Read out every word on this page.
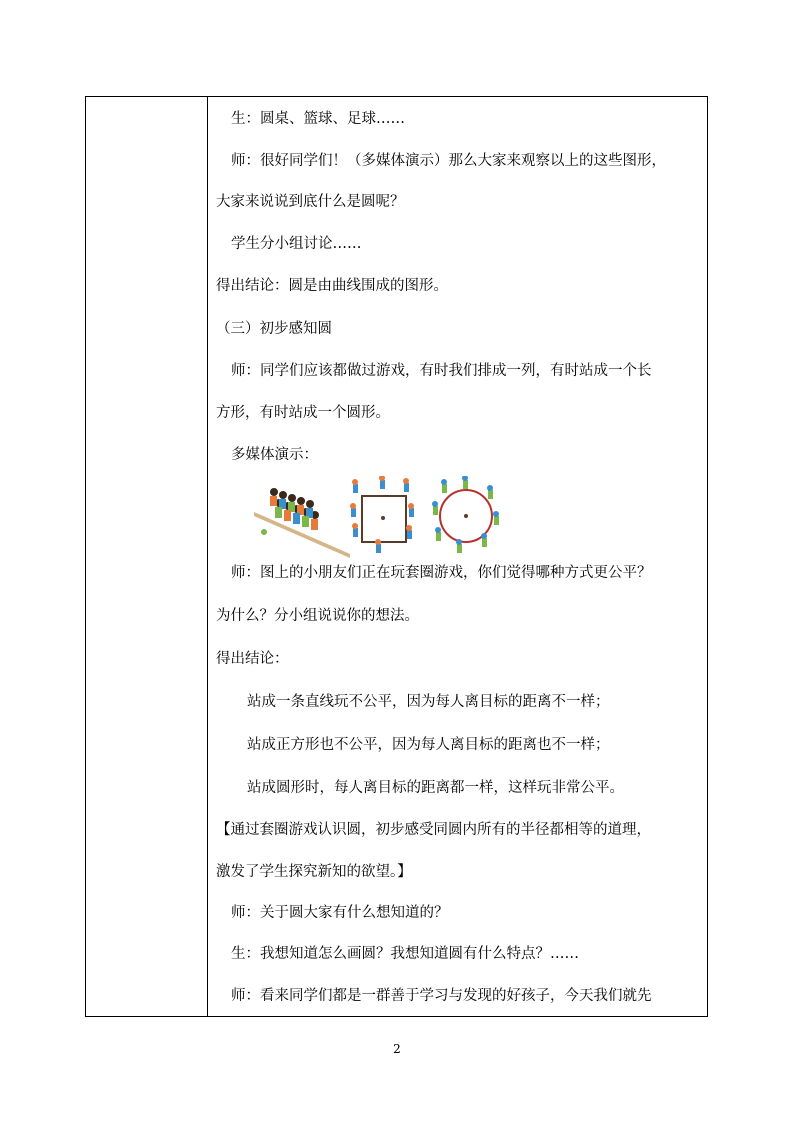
生：圆桌、篮球、足球……
师：很好同学们！（多媒体演示）那么大家来观察以上的这些图形，
大家来说说到底什么是圆呢？
学生分小组讨论……
得出结论：圆是由曲线围成的图形。
（三）初步感知圆
师：同学们应该都做过游戏，有时我们排成一列，有时站成一个长
方形，有时站成一个圆形。
多媒体演示：
师：图上的小朋友们正在玩套圈游戏，你们觉得哪种方式更公平？
为什么？分小组说说你的想法。
得出结论：
站成一条直线玩不公平，因为每人离目标的距离不一样；
站成正方形也不公平，因为每人离目标的距离也不一样；
站成圆形时，每人离目标的距离都一样，这样玩非常公平。
【通过套圈游戏认识圆，初步感受同圆内所有的半径都相等的道理，
激发了学生探究新知的欲望。】
师：关于圆大家有什么想知道的？
生：我想知道怎么画圆？我想知道圆有什么特点？……
师：看来同学们都是一群善于学习与发现的好孩子，今天我们就先
2
